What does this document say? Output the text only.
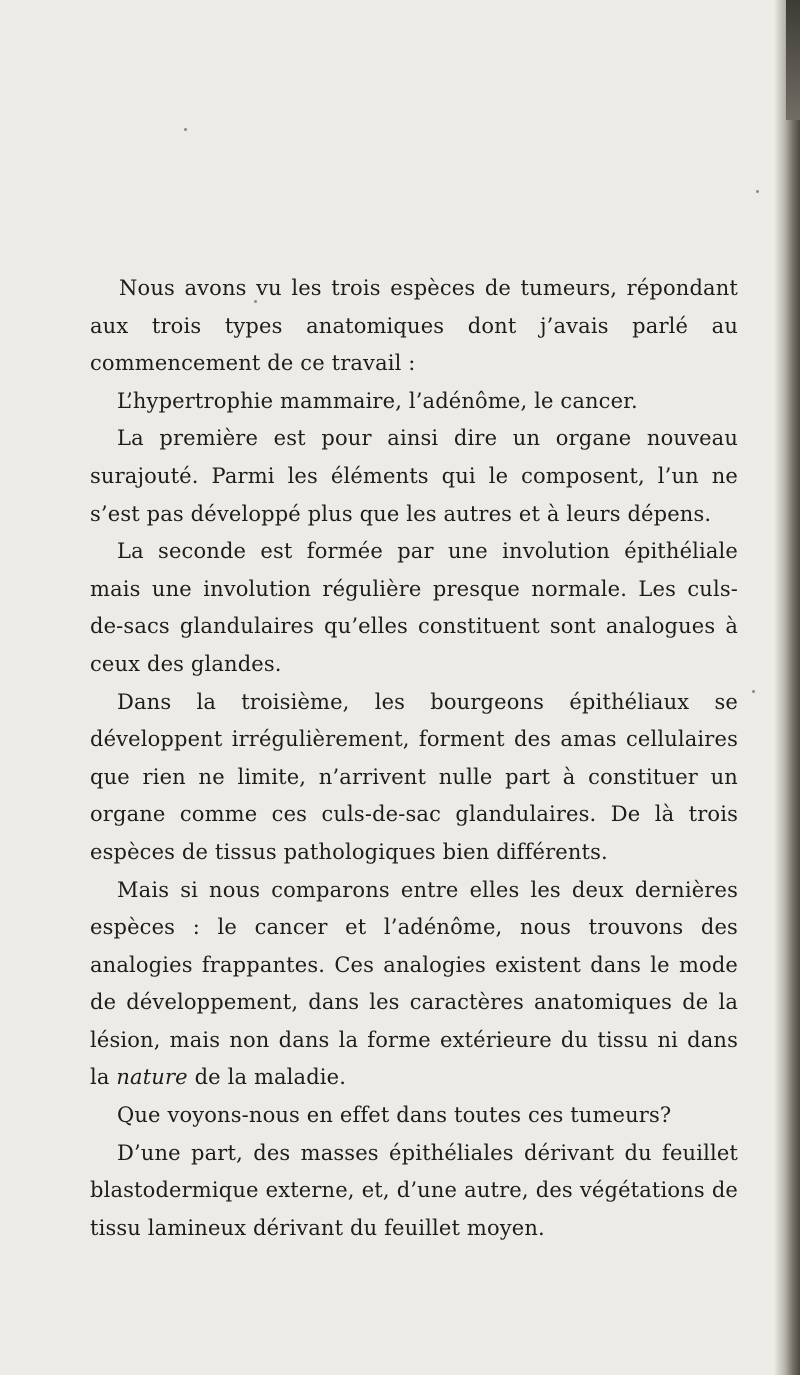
Nous avons vu les trois espèces de tumeurs, répondant aux trois types anatomiques dont j’avais parlé au commencement de ce travail :

L’hypertrophie mammaire, l’adénôme, le cancer.

La première est pour ainsi dire un organe nouveau surajouté. Parmi les éléments qui le composent, l’un ne s’est pas développé plus que les autres et à leurs dépens.

La seconde est formée par une involution épithéliale mais une involution régulière presque normale. Les culs-de-sacs glandulaires qu’elles constituent sont analogues à ceux des glandes.

Dans la troisième, les bourgeons épithéliaux se développent irrégulièrement, forment des amas cellulaires que rien ne limite, n’arrivent nulle part à constituer un organe comme ces culs-de-sac glandulaires. De là trois espèces de tissus pathologiques bien différents.

Mais si nous comparons entre elles les deux dernières espèces : le cancer et l’adénôme, nous trouvons des analogies frappantes. Ces analogies existent dans le mode de développement, dans les caractères anatomiques de la lésion, mais non dans la forme extérieure du tissu ni dans la nature de la maladie.

Que voyons-nous en effet dans toutes ces tumeurs?

D’une part, des masses épithéliales dérivant du feuillet blastodermique externe, et, d’une autre, des végétations de tissu lamineux dérivant du feuillet moyen.
